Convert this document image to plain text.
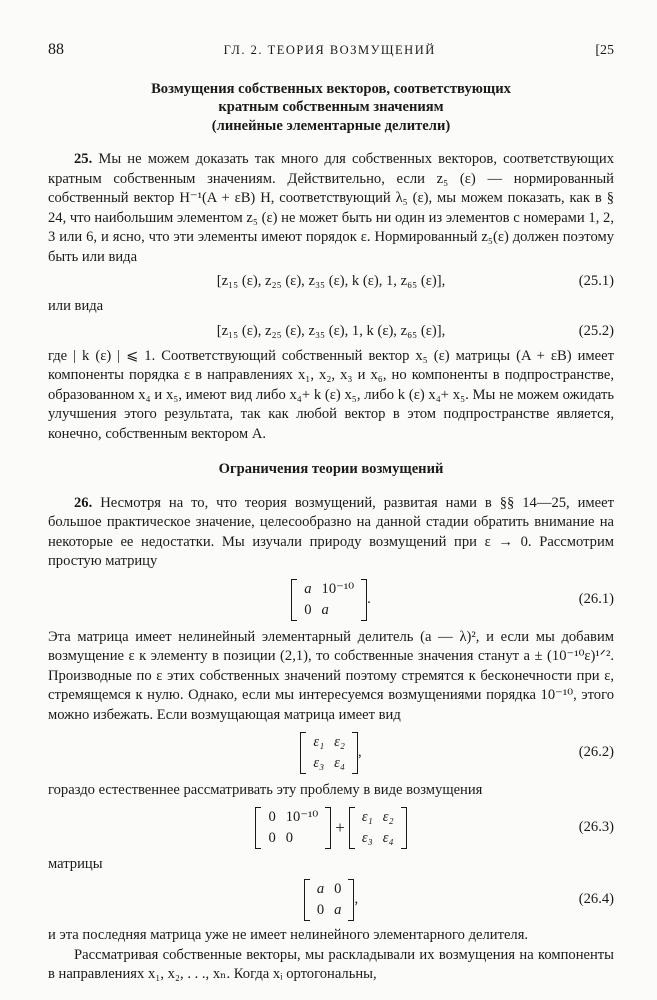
88	ГЛ. 2. ТЕОРИЯ ВОЗМУЩЕНИЙ	[25
Возмущения собственных векторов, соответствующих
кратным собственным значениям
(линейные элементарные делители)

25. Мы не можем доказать так много для собственных векторов, соответствующих кратным собственным значениям. Действительно, если z₅ (ε) — нормированный собственный вектор H⁻¹(A + εB) H, соответствующий λ₅ (ε), мы можем показать, как в § 24, что наибольшим элементом z₅ (ε) не может быть ни один из элементов с номерами 1, 2, 3 или 6, и ясно, что эти элементы имеют порядок ε. Нормированный z₅(ε) должен поэтому быть или вида

[z₁₅ (ε), z₂₅ (ε), z₃₅ (ε), k (ε), 1, z₆₅ (ε)],	(25.1)

или вида

[z₁₅ (ε), z₂₅ (ε), z₃₅ (ε), 1, k (ε), z₆₅ (ε)],	(25.2)

где | k (ε) | ⩽ 1. Соответствующий собственный вектор x₅ (ε) матрицы (A + εB) имеет компоненты порядка ε в направлениях x₁, x₂, x₃ и x₆, но компоненты в подпространстве, образованном x₄ и x₅, имеют вид либо x₄+ k (ε) x₅, либо k (ε) x₄+ x₅. Мы не можем ожидать улучшения этого результата, так как любой вектор в этом подпространстве является, конечно, собственным вектором A.

Ограничения теории возмущений

26. Несмотря на то, что теория возмущений, развитая нами в §§ 14—25, имеет большое практическое значение, целесообразно на данной стадии обратить внимание на некоторые ее недостатки. Мы изучали природу возмущений при ε → 0. Рассмотрим простую матрицу

a	10⁻¹⁰
0	a
.	(26.1)

Эта матрица имеет нелинейный элементарный делитель (a — λ)², и если мы добавим возмущение ε к элементу в позиции (2,1), то собственные значения станут a ± (10⁻¹⁰ε)¹ᐟ². Производные по ε этих собственных значений поэтому стремятся к бесконечности при ε, стремящемся к нулю. Однако, если мы интересуемся возмущениями порядка 10⁻¹⁰, этого можно избежать. Если возмущающая матрица имеет вид

ε₁	ε₂
ε₃	ε₄
,	(26.2)

гораздо естественнее рассматривать эту проблему в виде возмущения

0	10⁻¹⁰
0	0
+
ε₁	ε₂
ε₃	ε₄
(26.3)

матрицы

a	0
0	a
,	(26.4)

и эта последняя матрица уже не имеет нелинейного элементарного делителя.

Рассматривая собственные векторы, мы раскладывали их возмущения на компоненты в направлениях x₁, x₂, . . ., xₙ. Когда xᵢ ортогональны,
